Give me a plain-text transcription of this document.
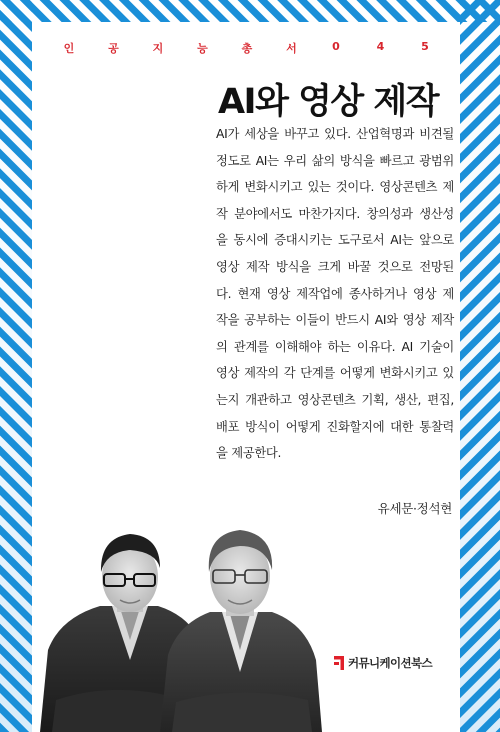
인	공	지	능	총	서	0	4	5
AI와 영상 제작
AI가 세상을 바꾸고 있다. 산업혁명과 비견될
정도로 AI는 우리 삶의 방식을 빠르고 광범위
하게 변화시키고 있는 것이다. 영상콘텐츠 제
작 분야에서도 마찬가지다. 창의성과 생산성
을 동시에 증대시키는 도구로서 AI는 앞으로
영상 제작 방식을 크게 바꿀 것으로 전망된
다. 현재 영상 제작업에 종사하거나 영상 제
작을 공부하는 이들이 반드시 AI와 영상 제작
의 관계를 이해해야 하는 이유다. AI 기술이
영상 제작의 각 단계를 어떻게 변화시키고 있
는지 개관하고 영상콘텐츠 기획, 생산, 편집,
배포 방식이 어떻게 진화할지에 대한 통찰력
을 제공한다.
유세문·정석현
커뮤니케이션북스
